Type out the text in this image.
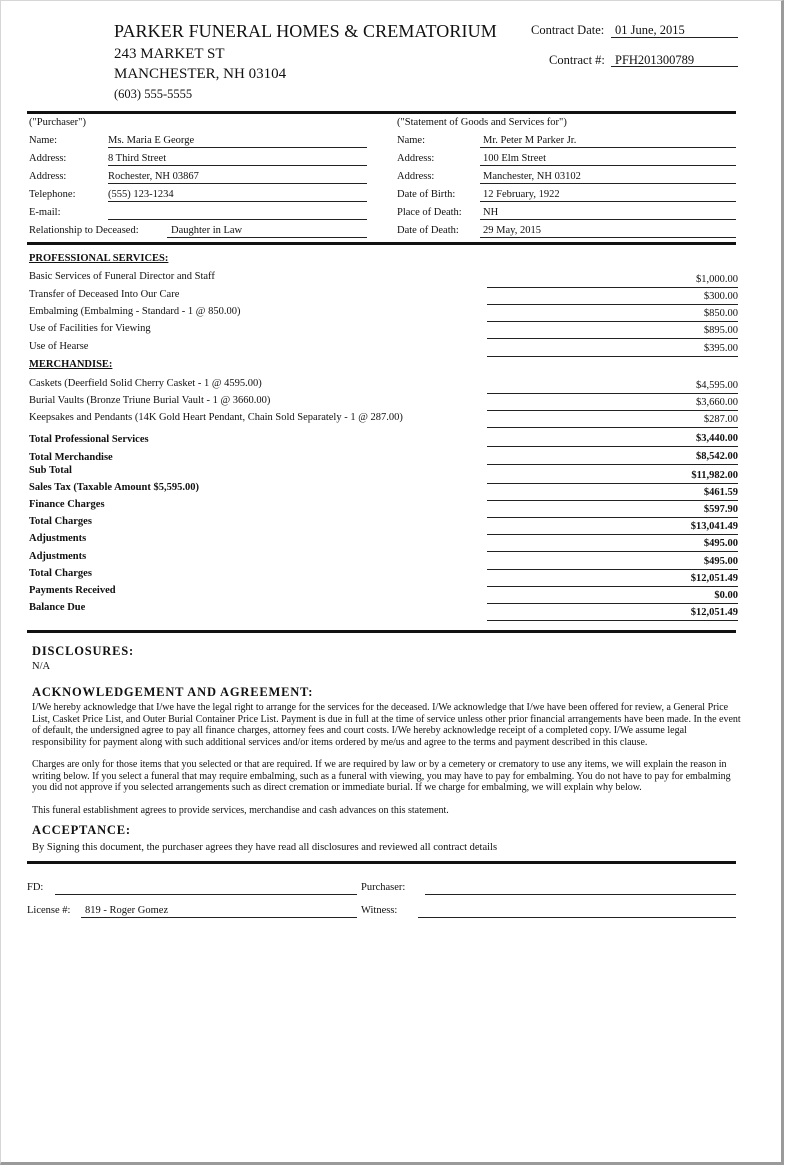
PARKER FUNERAL HOMES & CREMATORIUM
243 MARKET ST
MANCHESTER, NH 03104
(603) 555-5555
Contract Date: 01 June, 2015
Contract #: PFH201300789
("Purchaser")
Name:	Ms. Maria E George
Address:	8 Third Street
Address:	Rochester, NH 03867
Telephone:	(555) 123-1234
E-mail:
Relationship to Deceased:	Daughter in Law
("Statement of Goods and Services for")
Name:	Mr. Peter M Parker Jr.
Address:	100 Elm Street
Address:	Manchester, NH 03102
Date of Birth:	12 February, 1922
Place of Death: NH
Date of Death: 29 May, 2015
PROFESSIONAL SERVICES:
Basic Services of Funeral Director and Staff	$1,000.00
Transfer of Deceased Into Our Care	$300.00
Embalming (Embalming - Standard - 1 @ 850.00)	$850.00
Use of Facilities for Viewing	$895.00
Use of Hearse	$395.00
MERCHANDISE:
Caskets (Deerfield Solid Cherry Casket - 1 @ 4595.00)	$4,595.00
Burial Vaults (Bronze Triune Burial Vault - 1 @ 3660.00)	$3,660.00
Keepsakes and Pendants (14K Gold Heart Pendant, Chain Sold Separately - 1 @ 287.00)	$287.00
Total Professional Services	$3,440.00
Total Merchandise	$8,542.00
Sub Total	$11,982.00
Sales Tax (Taxable Amount $5,595.00)	$461.59
Finance Charges	$597.90
Total Charges	$13,041.49
Adjustments	$495.00
Adjustments	$495.00
Total Charges	$12,051.49
Payments Received	$0.00
Balance Due	$12,051.49
DISCLOSURES:
N/A
ACKNOWLEDGEMENT AND AGREEMENT:
I/We hereby acknowledge that I/we have the legal right to arrange for the services for the deceased. I/We acknowledge that I/we have been offered for review, a General Price List, Casket Price List, and Outer Burial Container Price List. Payment is due in full at the time of service unless other prior financial arrangements have been made. In the event of default, the undersigned agree to pay all finance charges, attorney fees and court costs. I/We hereby acknowledge receipt of a completed copy. I/We assume legal responsibility for payment along with such additional services and/or items ordered by me/us and agree to the terms and payment described in this clause.
Charges are only for those items that you selected or that are required. If we are required by law or by a cemetery or crematory to use any items, we will explain the reason in writing below. If you select a funeral that may require embalming, such as a funeral with viewing, you may have to pay for embalming. You do not have to pay for embalming you did not approve if you selected arrangements such as direct cremation or immediate burial. If we charge for embalming, we will explain why below.
This funeral establishment agrees to provide services, merchandise and cash advances on this statement.
ACCEPTANCE:
By Signing this document, the purchaser agrees they have read all disclosures and reviewed all contract details
FD:	Purchaser:
License #: 819 - Roger Gomez	Witness:
